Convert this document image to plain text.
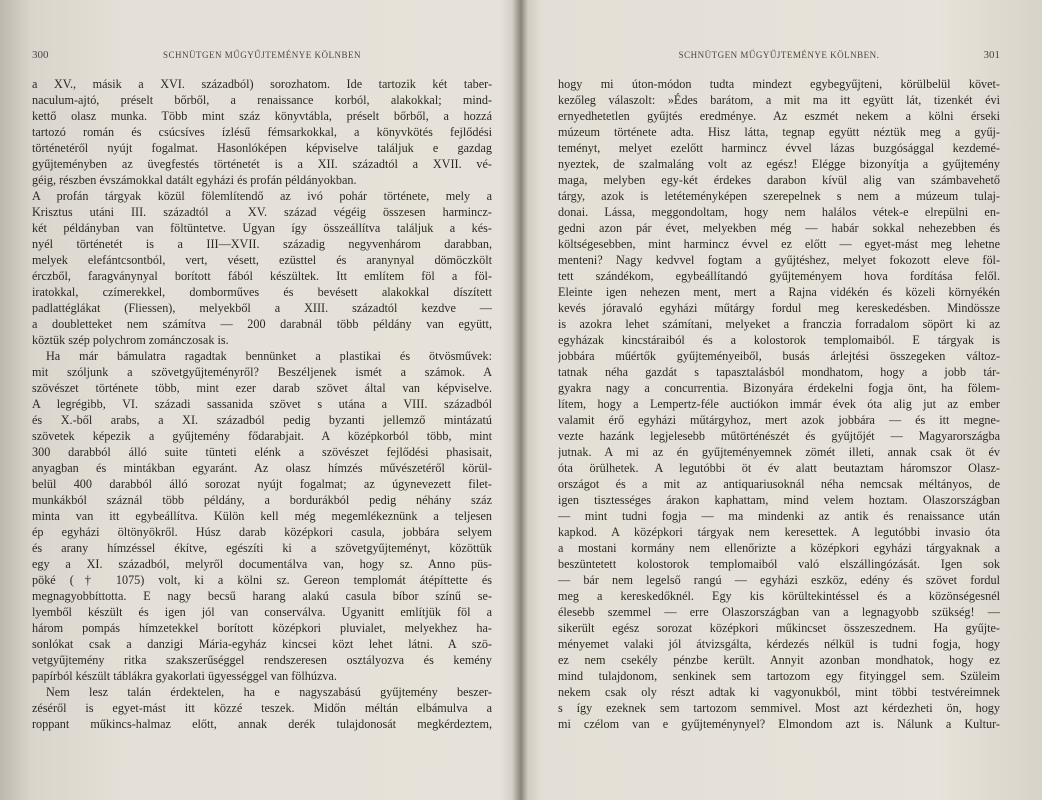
300	SCHNÜTGEN MŰGYŰJTEMÉNYE KÖLNBEN
a XV., másik a XVI. századból) sorozhatom. Ide tartozik két taber-
naculum-ajtó, préselt bőrből, a renaissance korból, alakokkal; mind-
kettő olasz munka. Több mint száz könyvtábla, préselt bőrből, a hozzá
tartozó román és csúcsíves ízlésű fémsarkokkal, a könyvkötés fejlődési
történetéről nyújt fogalmat. Hasonlóképen képviselve találjuk e gazdag
gyűjteményben az üvegfestés történetét is a XII. századtól a XVII. vé-
géig, részben évszámokkal datált egyházi és profán példányokban.
A profán tárgyak közül fölemlítendő az ivó pohár története, mely a
Krisztus utáni III. századtól a XV. század végéig összesen harmincz-
két példányban van föltüntetve. Ugyan így összeállítva találjuk a kés-
nyél történetét is a III—XVII. századig negyvenhárom darabban,
melyek elefántcsontból, vert, vésett, ezüsttel és aranynyal dömöczkölt
érczből, faragványnyal borított fából készültek. Itt említem föl a föl-
iratokkal, czímerekkel, domborműves és bevésett alakokkal díszített
padlattéglákat (Fliessen), melyekből a XIII. századtól kezdve —
a doubletteket nem számítva — 200 darabnál több példány van együtt,
köztük szép polychrom zománczosak is.
Ha már bámulatra ragadtak bennünket a plastikai és ötvösművek:
mit szóljunk a szövetgyűjteményről? Beszéljenek ismét a számok. A
szövészet története több, mint ezer darab szövet által van képviselve.
A legrégibb, VI. századi sassanida szövet s utána a VIII. századból
és X.-ből arabs, a XI. századból pedig byzanti jellemző mintázatú
szövetek képezik a gyűjtemény fődarabjait. A középkorból több, mint
300 darabból álló suite tünteti elénk a szövészet fejlődési phasisait,
anyagban és mintákban egyaránt. Az olasz hímzés művészetéről körül-
belül 400 darabból álló sorozat nyújt fogalmat; az úgynevezett filet-
munkákból száznál több példány, a bordurákból pedig néhány száz
minta van itt egybeállítva. Külön kell még megemlékeznünk a teljesen
ép egyházi öltönyökről. Húsz darab középkori casula, jobbára selyem
és arany hímzéssel ékítve, egészíti ki a szövetgyűjteményt, közöttük
egy a XI. századból, melyről documentálva van, hogy sz. Anno püs-
pöké († 1075) volt, ki a kölni sz. Gereon templomát átépíttette és
megnagyobbíttotta. E nagy becsű harang alakú casula bíbor színű se-
lyemből készült és igen jól van conserválva. Ugyanitt említjük föl a
három pompás hímzetekkel borított középkori pluvialet, melyekhez ha-
sonlókat csak a danzigi Mária-egyház kincsei közt lehet látni. A szö-
vetgyűjtemény ritka szakszerűséggel rendszeresen osztályozva és kemény
papírból készült táblákra gyakorlati ügyességgel van fölhúzva.
Nem lesz talán érdektelen, ha e nagyszabású gyűjtemény beszer-
zéséről is egyet-mást itt közzé teszek. Midőn méltán elbámulva a
roppant műkincs-halmaz előtt, annak derék tulajdonosát megkérdeztem,
SCHNÜTGEN MŰGYŰJTEMÉNYE KÖLNBEN.	301
hogy mi úton-módon tudta mindezt egybegyűjteni, körülbelül követ-
kezőleg válaszolt: »Édes barátom, a mit ma itt együtt lát, tizenkét évi
ernyedhetetlen gyűjtés eredménye. Az eszmét nekem a kölni érseki
múzeum története adta. Hisz látta, tegnap együtt néztük meg a gyűj-
teményt, melyet ezelőtt harmincz évvel lázas buzgósággal kezdemé-
nyeztek, de szalmaláng volt az egész! Elégge bizonyítja a gyűjtemény
maga, melyben egy-két érdekes darabon kívül alig van számbavehető
tárgy, azok is letéteményképen szerepelnek s nem a múzeum tulaj-
donai. Lássa, meggondoltam, hogy nem halálos vétek-e elrepülni en-
gedni azon pár évet, melyekben még — habár sokkal nehezebben és
költségesebben, mint harmincz évvel ez előtt — egyet-mást meg lehetne
menteni? Nagy kedvvel fogtam a gyűjtéshez, melyet fokozott eleve föl-
tett szándékom, egybeállítandó gyűjteményem hova fordítása felől.
Eleinte igen nehezen ment, mert a Rajna vidékén és közeli környékén
kevés jóravaló egyházi műtárgy fordul meg kereskedésben. Mindössze
is azokra lehet számítani, melyeket a franczia forradalom söpört ki az
egyházak kincstáraiból és a kolostorok templomaiból. E tárgyak is
jobbára műértők gyűjteményeiből, busás árlejtési összegeken változ-
tatnak néha gazdát s tapasztalásból mondhatom, hogy a jobb tár-
gyakra nagy a concurrentia. Bizonyára érdekelni fogja önt, ha fölem-
lítem, hogy a Lempertz-féle auctiókon immár évek óta alig jut az ember
valamit érő egyházi műtárgyhoz, mert azok jobbára — és itt megne-
vezte hazánk legjelesebb műtörténészét és gyűjtőjét — Magyarországba
jutnak. A mi az én gyűjteményemnek zömét illeti, annak csak öt év
óta örülhetek. A legutóbbi öt év alatt beutaztam háromszor Olasz-
országot és a mit az antiquariusoknál néha nemcsak méltányos, de
igen tisztességes árakon kaphattam, mind velem hoztam. Olaszországban
— mint tudni fogja — ma mindenki az antik és renaissance után
kapkod. A középkori tárgyak nem keresettek. A legutóbbi invasio óta
a mostani kormány nem ellenőrizte a középkori egyházi tárgyaknak a
beszüntetett kolostorok templomaiból való elszállingózását. Igen sok
— bár nem legelső rangú — egyházi eszköz, edény és szövet fordul
meg a kereskedőknél. Egy kis körültekintéssel és a közönségesnél
élesebb szemmel — erre Olaszországban van a legnagyobb szükség! —
sikerült egész sorozat középkori műkincset összeszednem. Ha gyűjte-
ményemet valaki jól átvizsgálta, kérdezés nélkül is tudni fogja, hogy
ez nem csekély pénzbe került. Annyit azonban mondhatok, hogy ez
mind tulajdonom, senkinek sem tartozom egy fityinggel sem. Szüleim
nekem csak oly részt adtak ki vagyonukból, mint többi testvéreimnek
s így ezeknek sem tartozom semmivel. Most azt kérdezheti ön, hogy
mi czélom van e gyűjteménynyel? Elmondom azt is. Nálunk a Kultur-
